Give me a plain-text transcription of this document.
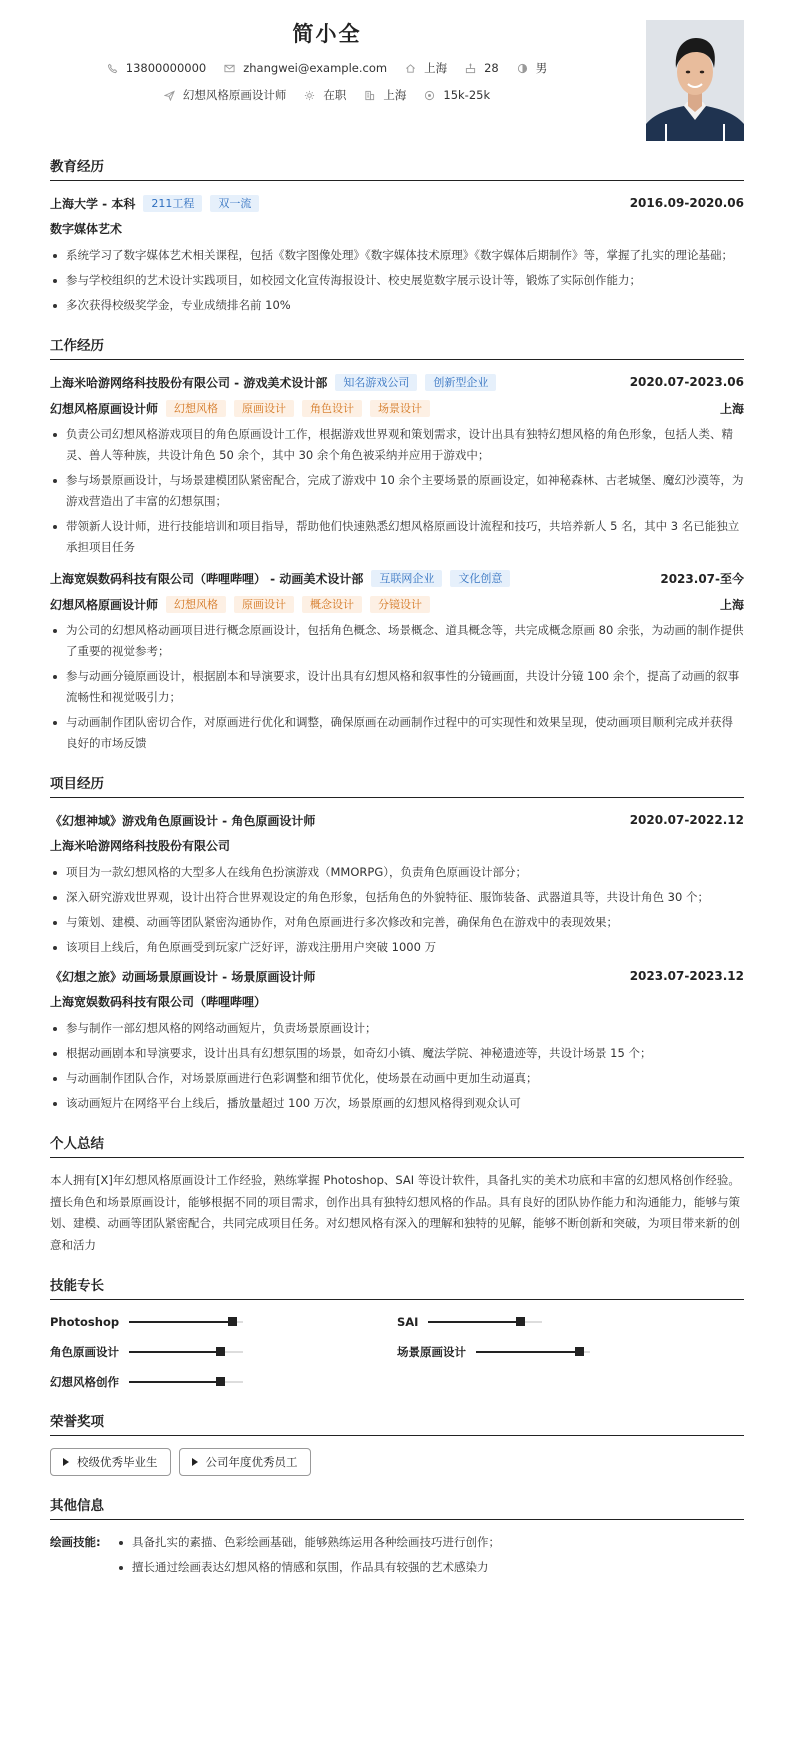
简小全
13800000000	zhangwei@example.com	上海	28	男
幻想风格原画设计师	在职	上海	15k-25k
教育经历
上海大学 - 本科	211工程	双一流	2016.09-2020.06
数字媒体艺术
系统学习了数字媒体艺术相关课程，包括《数字图像处理》《数字媒体技术原理》《数字媒体后期制作》等，掌握了扎实的理论基础；
参与学校组织的艺术设计实践项目，如校园文化宣传海报设计、校史展览数字展示设计等，锻炼了实际创作能力；
多次获得校级奖学金，专业成绩排名前 10%
工作经历
上海米哈游网络科技股份有限公司 - 游戏美术设计部	知名游戏公司	创新型企业	2020.07-2023.06
幻想风格原画设计师	幻想风格	原画设计	角色设计	场景设计	上海
负责公司幻想风格游戏项目的角色原画设计工作，根据游戏世界观和策划需求，设计出具有独特幻想风格的角色形象，包括人类、精灵、兽人等种族，共设计角色 50 余个，其中 30 余个角色被采纳并应用于游戏中；
参与场景原画设计，与场景建模团队紧密配合，完成了游戏中 10 余个主要场景的原画设定，如神秘森林、古老城堡、魔幻沙漠等，为游戏营造出了丰富的幻想氛围；
带领新人设计师，进行技能培训和项目指导，帮助他们快速熟悉幻想风格原画设计流程和技巧，共培养新人 5 名，其中 3 名已能独立承担项目任务
上海宽娱数码科技有限公司（哔哩哔哩） - 动画美术设计部	互联网企业	文化创意	2023.07-至今
幻想风格原画设计师	幻想风格	原画设计	概念设计	分镜设计	上海
为公司的幻想风格动画项目进行概念原画设计，包括角色概念、场景概念、道具概念等，共完成概念原画 80 余张，为动画的制作提供了重要的视觉参考；
参与动画分镜原画设计，根据剧本和导演要求，设计出具有幻想风格和叙事性的分镜画面，共设计分镜 100 余个，提高了动画的叙事流畅性和视觉吸引力；
与动画制作团队密切合作，对原画进行优化和调整，确保原画在动画制作过程中的可实现性和效果呈现，使动画项目顺利完成并获得良好的市场反馈
项目经历
《幻想神域》游戏角色原画设计 - 角色原画设计师	2020.07-2022.12
上海米哈游网络科技股份有限公司
项目为一款幻想风格的大型多人在线角色扮演游戏（MMORPG），负责角色原画设计部分；
深入研究游戏世界观，设计出符合世界观设定的角色形象，包括角色的外貌特征、服饰装备、武器道具等，共设计角色 30 个；
与策划、建模、动画等团队紧密沟通协作，对角色原画进行多次修改和完善，确保角色在游戏中的表现效果；
该项目上线后，角色原画受到玩家广泛好评，游戏注册用户突破 1000 万
《幻想之旅》动画场景原画设计 - 场景原画设计师	2023.07-2023.12
上海宽娱数码科技有限公司（哔哩哔哩）
参与制作一部幻想风格的网络动画短片，负责场景原画设计；
根据动画剧本和导演要求，设计出具有幻想氛围的场景，如奇幻小镇、魔法学院、神秘遗迹等，共设计场景 15 个；
与动画制作团队合作，对场景原画进行色彩调整和细节优化，使场景在动画中更加生动逼真；
该动画短片在网络平台上线后，播放量超过 100 万次，场景原画的幻想风格得到观众认可
个人总结
本人拥有[X]年幻想风格原画设计工作经验，熟练掌握 Photoshop、SAI 等设计软件，具备扎实的美术功底和丰富的幻想风格创作经验。擅长角色和场景原画设计，能够根据不同的项目需求，创作出具有独特幻想风格的作品。具有良好的团队协作能力和沟通能力，能够与策划、建模、动画等团队紧密配合，共同完成项目任务。对幻想风格有深入的理解和独特的见解，能够不断创新和突破，为项目带来新的创意和活力
技能专长
Photoshop	SAI
角色原画设计	场景原画设计
幻想风格创作
荣誉奖项
校级优秀毕业生	公司年度优秀员工
其他信息
绘画技能:	具备扎实的素描、色彩绘画基础，能够熟练运用各种绘画技巧进行创作；
擅长通过绘画表达幻想风格的情感和氛围，作品具有较强的艺术感染力
